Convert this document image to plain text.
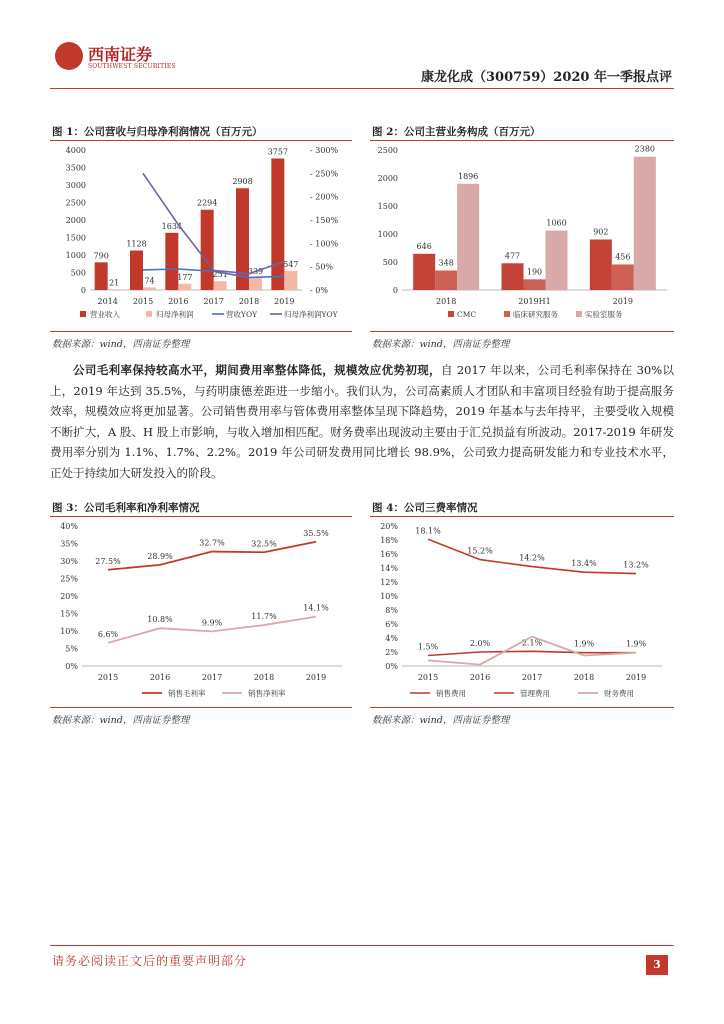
西南证券
SOUTHWEST SECURITIES
康龙化成（300759）2020 年一季报点评
图 1：公司营收与归母净利润情况（百万元）	图 2：公司主营业务构成（百万元）
0
500
1000
1500
2000
2500
3000
3500
4000
- 0%
- 50%
- 100%
- 150%
- 200%
- 250%
- 300%
790
21
2014
1128
74
2015
1634
177
2016
2294
251
2017
2908
339
2018
3757
547
2019
营业收入	归母净利润	营收YOY	归母净利润YOY
0
500
1000
1500
2000
2500
646
348
1896
2018
477
190
1060
2019H1
902
456
2380
2019
CMC	临床研究服务	实验室服务
数据来源：wind，西南证券整理	数据来源：wind，西南证券整理
公司毛利率保持较高水平，期间费用率整体降低，规模效应优势初现，自 2017 年以来，公司毛利率保持在 30%以上，2019 年达到 35.5%，与药明康德差距进一步缩小。我们认为，公司高素质人才团队和丰富项目经验有助于提高服务效率，规模效应将更加显著。公司销售费用率与管体费用率整体呈现下降趋势，2019 年基本与去年持平，主要受收入规模不断扩大，A 股、H 股上市影响，与收入增加相匹配。财务费率出现波动主要由于汇兑损益有所波动。2017-2019 年研发费用率分别为 1.1%、1.7%、2.2%。2019 年公司研发费用同比增长 98.9%，公司致力提高研发能力和专业技术水平，正处于持续加大研发投入的阶段。
图 3：公司毛利率和净利率情况	图 4：公司三费率情况
0%
5%
10%
15%
20%
25%
30%
35%
40%
2015	2016	2017	2018	2019
27.5%
28.9%
32.7%	32.5%
35.5%
6.6%
10.8%	9.9%
11.7%
14.1%
销售毛利率	销售净利率
0%
2%
4%
6%
8%
10%
12%
14%
16%
18%
20%
2015	2016	2017	2018	2019
1.5%	2.0%	2.1%	1.9%	1.9%
18.1%
15.2%
14.2%
13.4%	13.2%
销售费用	管理费用	财务费用
数据来源：wind，西南证券整理	数据来源：wind，西南证券整理
请务必阅读正文后的重要声明部分	3
